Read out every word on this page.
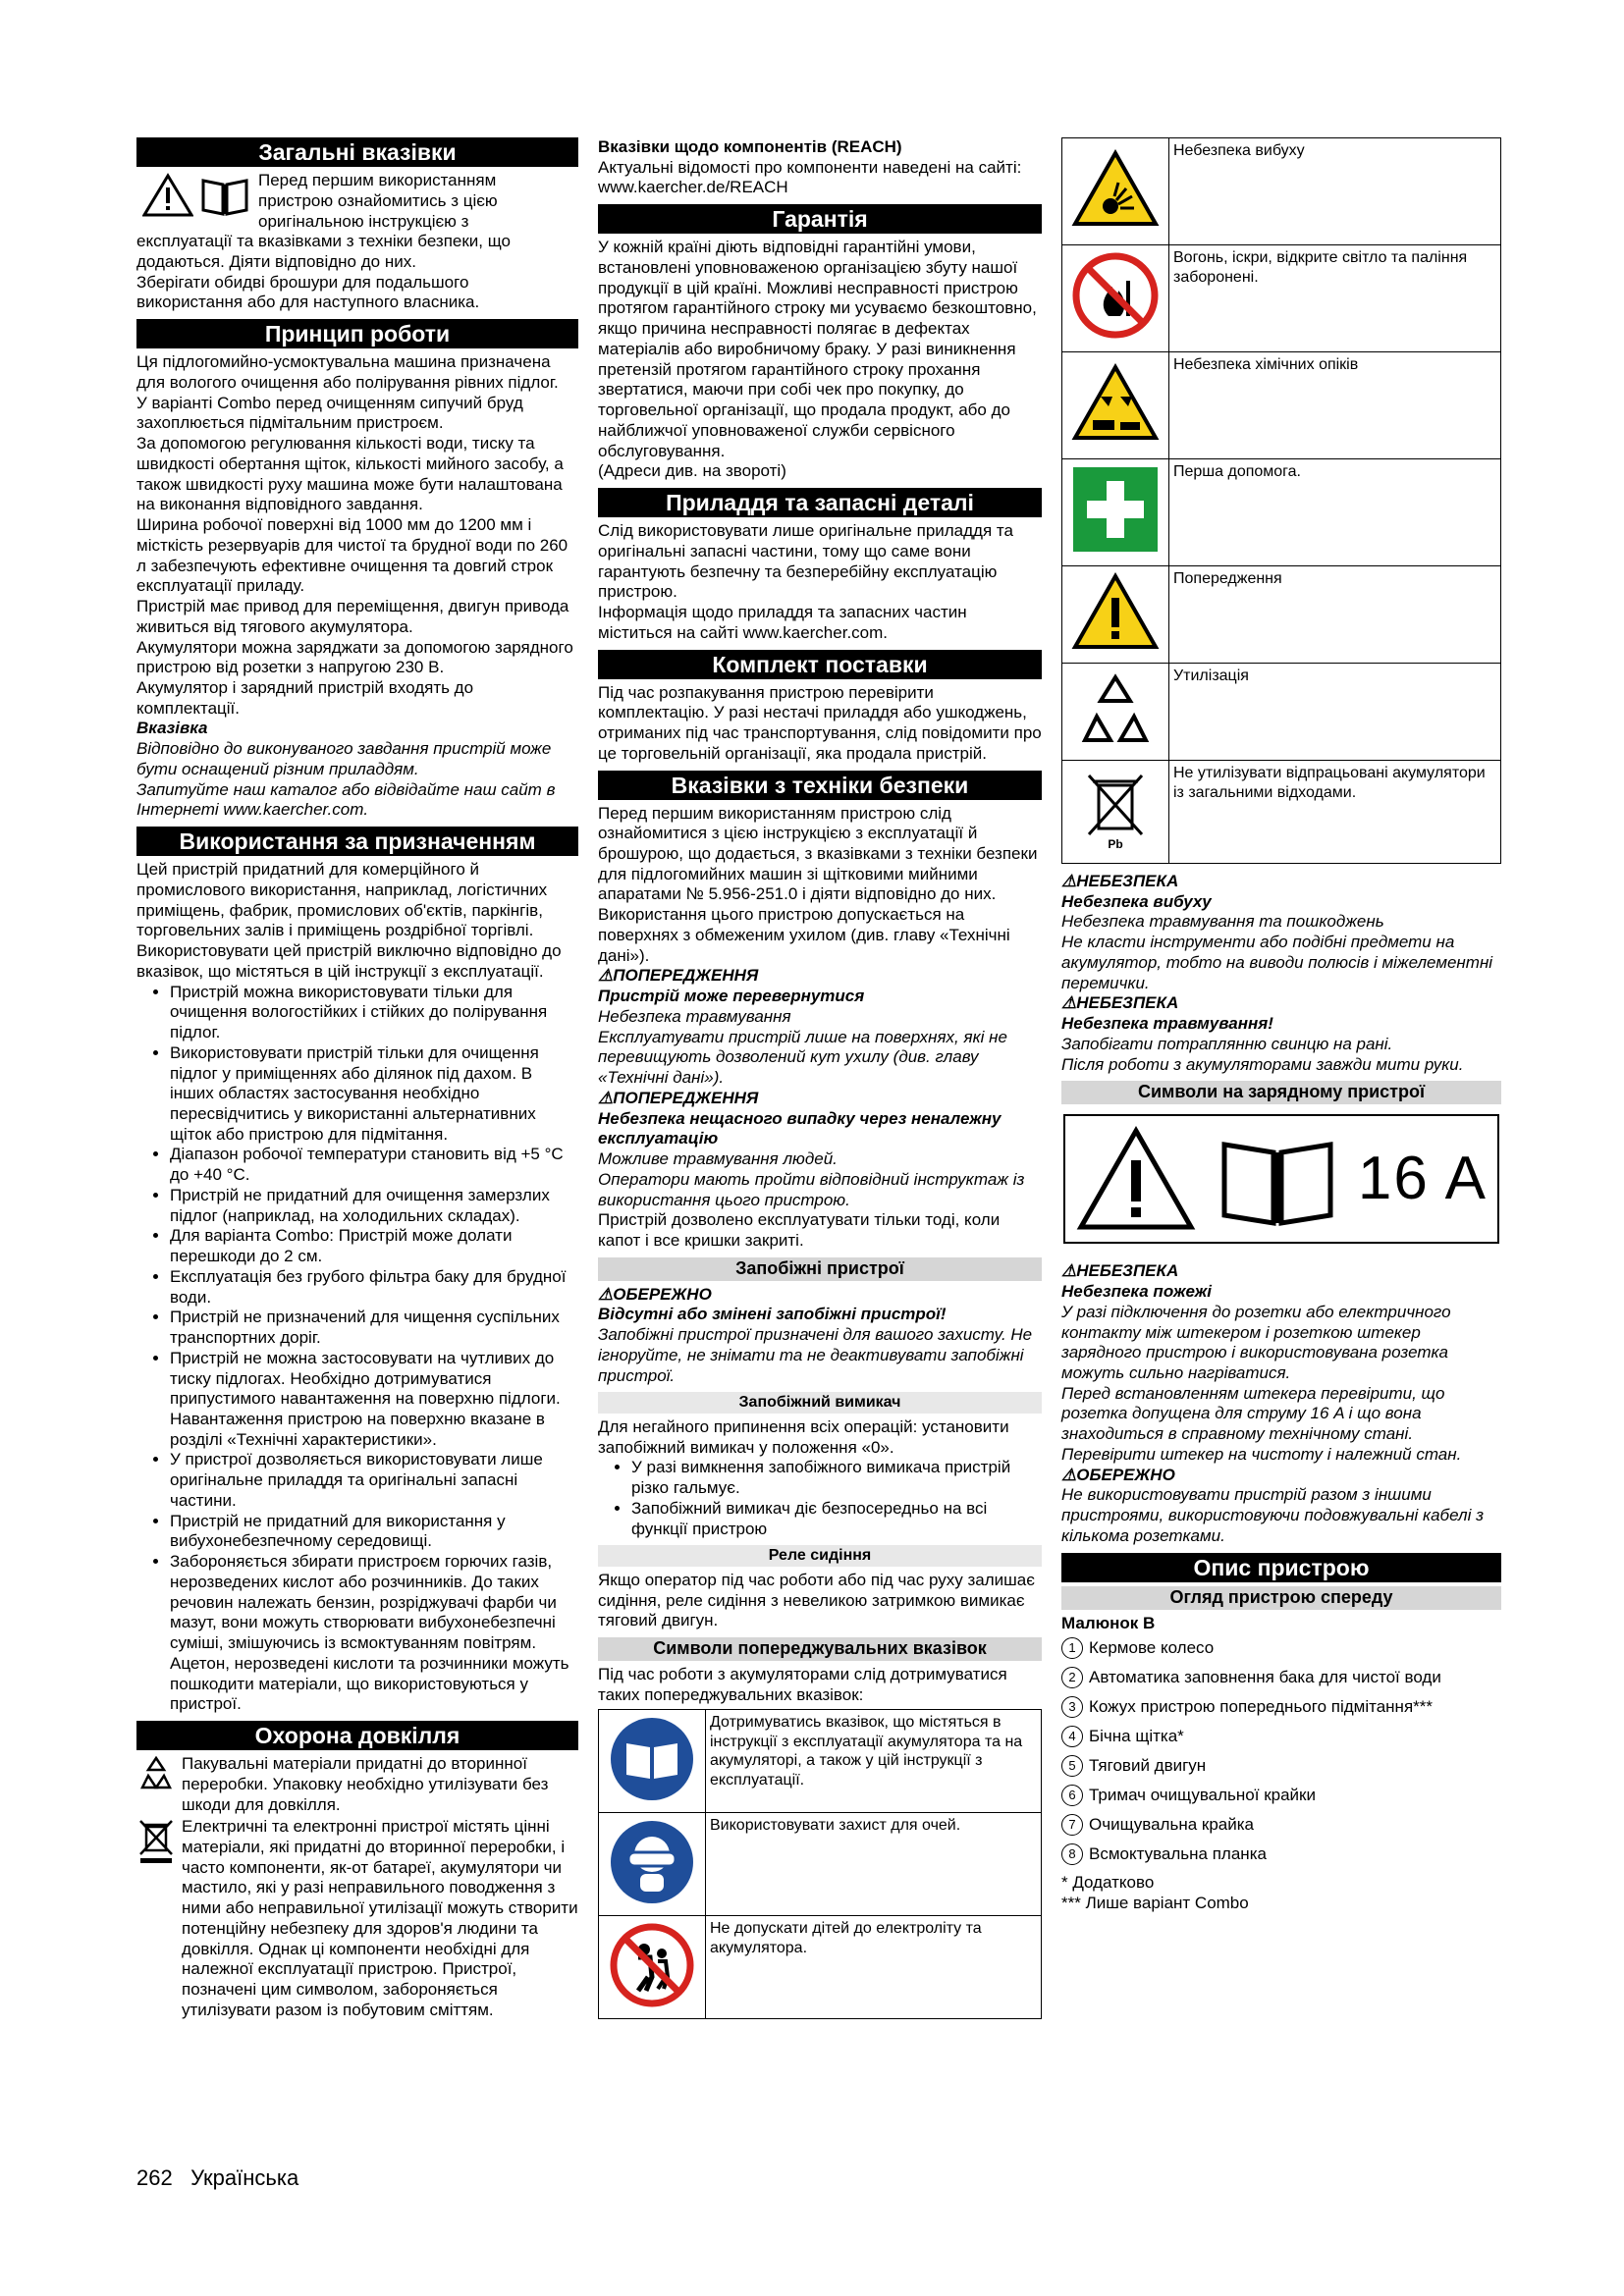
Загальні вказівки

Перед першим використанням

пристрою ознайомитись з цією

оригінальною інструкцією з

експлуатації та вказівками з техніки безпеки, що додаються. Діяти відповідно до них.

Зберігати обидві брошури для подальшого використання або для наступного власника.

Принцип роботи

Ця підлогомийно-усмоктувальна машина призначена для вологого очищення або полірування рівних підлог.

У варіанті Combo перед очищенням сипучий бруд захоплюється підмітальним пристроєм.

За допомогою регулювання кількості води, тиску та швидкості обертання щіток, кількості мийного засобу, а також швидкості руху машина може бути налаштована на виконання відповідного завдання.

Ширина робочої поверхні від 1000 мм до 1200 мм і місткість резервуарів для чистої та брудної води по 260 л забезпечують ефективне очищення та довгий строк експлуатації приладу.

Пристрій має привод для переміщення, двигун привода живиться від тягового акумулятора.

Акумулятори можна заряджати за допомогою зарядного пристрою від розетки з напругою 230 В.

Акумулятор і зарядний пристрій входять до комплектації.

Вказівка

Відповідно до виконуваного завдання пристрій може бути оснащений різним приладдям.

Запитуйте наш каталог або відвідайте наш сайт в Інтернеті www.kaercher.com.

Використання за призначенням

Цей пристрій придатний для комерційного й промислового використання, наприклад, логістичних приміщень, фабрик, промислових об'єктів, паркінгів, торговельних залів і приміщень роздрібної торгівлі. Використовувати цей пристрій виключно відповідно до вказівок, що містяться в цій інструкції з експлуатації.

• Пристрій можна використовувати тільки для очищення вологостійких і стійких до полірування підлог.
• Використовувати пристрій тільки для очищення підлог у приміщеннях або ділянок під дахом. В інших областях застосування необхідно пересвідчитись у використанні альтернативних щіток або пристрою для підмітання.
• Діапазон робочої температури становить від +5 °C до +40 °C.
• Пристрій не придатний для очищення замерзлих підлог (наприклад, на холодильних складах).
• Для варіанта Combo: Пристрій може долати перешкоди до 2 см.
• Експлуатація без грубого фільтра баку для брудної води.
• Пристрій не призначений для чищення суспільних транспортних доріг.
• Пристрій не можна застосовувати на чутливих до тиску підлогах. Необхідно дотримуватися припустимого навантаження на поверхню підлоги. Навантаження пристрою на поверхню вказане в розділі «Технічні характеристики».
• У пристрої дозволяється використовувати лише оригінальне приладдя та оригінальні запасні частини.
• Пристрій не придатний для використання у вибухонебезпечному середовищі.
• Забороняється збирати пристроєм горючих газів, нерозведених кислот або розчинників. До таких речовин належать бензин, розріджувачі фарби чи мазут, вони можуть створювати вибухонебезпечні суміші, змішуючись із всмоктуванням повітрям. Ацетон, нерозведені кислоти та розчинники можуть пошкодити матеріали, що використовуються у пристрої.
Охорона довкілля

Пакувальні матеріали придатні до вторинної переробки. Упаковку необхідно утилізувати без шкоди для довкілля.

Електричні та електронні пристрої містять цінні матеріали, які придатні до вторинної переробки, і часто компоненти, як-от батареї, акумулятори чи мастило, які у разі неправильного поводження з ними або неправильної утилізації можуть створити потенційну небезпеку для здоров'я людини та довкілля. Однак ці компоненти необхідні для належної експлуатації пристрою. Пристрої, позначені цим символом, забороняється утилізувати разом із побутовим сміттям.

Вказівки щодо компонентів (REACH)

Актуальні відомості про компоненти наведені на сайті: www.kaercher.de/REACH

Гарантія

У кожній країні діють відповідні гарантійні умови, встановлені уповноваженою організацією збуту нашої продукції в цій країні. Можливі несправності пристрою протягом гарантійного строку ми усуваємо безкоштовно, якщо причина несправності полягає в дефектах матеріалів або виробничому браку. У разі виникнення претензій протягом гарантійного строку прохання звертатися, маючи при собі чек про покупку, до торговельної організації, що продала продукт, або до найближчої уповноваженої служби сервісного обслуговування.

(Адреси див. на звороті)

Приладдя та запасні деталі

Слід використовувати лише оригінальне приладдя та оригінальні запасні частини, тому що саме вони гарантують безпечну та безперебійну експлуатацію пристрою.

Інформація щодо приладдя та запасних частин міститься на сайті www.kaercher.com.

Комплект поставки

Під час розпакування пристрою перевірити комплектацію. У разі нестачі приладдя або ушкоджень, отриманих під час транспортування, слід повідомити про це торговельній організації, яка продала пристрій.

Вказівки з техніки безпеки

Перед першим використанням пристрою слід ознайомитися з цією інструкцією з експлуатації й брошурою, що додається, з вказівками з техніки безпеки для підлогомийних машин зі щітковими мийними апаратами № 5.956-251.0 і діяти відповідно до них.

Використання цього пристрою допускається на поверхнях з обмеженим ухилом (див. главу «Технічні дані»).

⚠ПОПЕРЕДЖЕННЯ

Пристрій може перевернутися

Небезпека травмування

Експлуатувати пристрій лише на поверхнях, які не перевищують дозволений кут ухилу (див. главу «Технічні дані»).

⚠ПОПЕРЕДЖЕННЯ

Небезпека нещасного випадку через неналежну експлуатацію

Можливе травмування людей.

Оператори мають пройти відповідний інструктаж із використання цього пристрою.

Пристрій дозволено експлуатувати тільки тоді, коли капот і все кришки закриті.

Запобіжні пристрої

⚠ОБЕРЕЖНО

Відсутні або змінені запобіжні пристрої!

Запобіжні пристрої призначені для вашого захисту. Не ігноруйте, не знімати та не деактивувати запобіжні пристрої.

Запобіжний вимикач

Для негайного припинення всіх операцій: установити запобіжний вимикач у положення «0».

• У разі вимкнення запобіжного вимикача пристрій різко гальмує.
• Запобіжний вимикач діє безпосередньо на всі функції пристрою
Реле сидіння

Якщо оператор під час роботи або під час руху залишає сидіння, реле сидіння з невеликою затримкою вимикає тяговий двигун.

Символи попереджувальних вказівок

Під час роботи з акумуляторами слід дотримуватися таких попереджувальних вказівок:

	Дотримуватись вказівок, що містяться в інструкції з експлуатації акумулятора та на акумуляторі, а також у цій інструкції з експлуатації.
	Використовувати захист для очей.
	Не допускати дітей до електроліту та акумулятора.
	Небезпека вибуху
	Вогонь, іскри, відкрите світло та паління заборонені.
	Небезпека хімічних опіків
	Перша допомога.
	Попередження
	Утилізація

Pb	Не утилізувати відпрацьовані акумулятори із загальними відходами.

⚠НЕБЕЗПЕКА

Небезпека вибуху

Небезпека травмування та пошкоджень

Не класти інструменти або подібні предмети на акумулятор, тобто на виводи полюсів і міжелементні перемички.

⚠НЕБЕЗПЕКА

Небезпека травмування!

Запобігати потраплянню свинцю на рані.

Після роботи з акумуляторами завжди мити руки.

Символи на зарядному пристрої
16 A

⚠НЕБЕЗПЕКА

Небезпека пожежі

У разі підключення до розетки або електричного контакту між штекером і розеткою штекер зарядного пристрою і використовувана розетка можуть сильно нагріватися.

Перед встановленням штекера перевірити, що розетка допущена для струму 16 A і що вона знаходиться в справному технічному стані. Перевірити штекер на чистоту і належний стан.

⚠ОБЕРЕЖНО

Не використовувати пристрій разом з іншими пристроями, використовуючи подовжувальні кабелі з кількома розетками.

Опис пристрою
Огляд пристрою спереду

Малюнок B

1 Кермове колесо
2 Автоматика заповнення бака для чистої води
3 Кожух пристрою попереднього підмітання***
4 Бічна щітка*
5 Тяговий двигун
6 Тримач очищувальної крайки
7 Очищувальна крайка
8 Всмоктувальна планка

* Додатково

*** Лише варіант Combo

262 Українська
